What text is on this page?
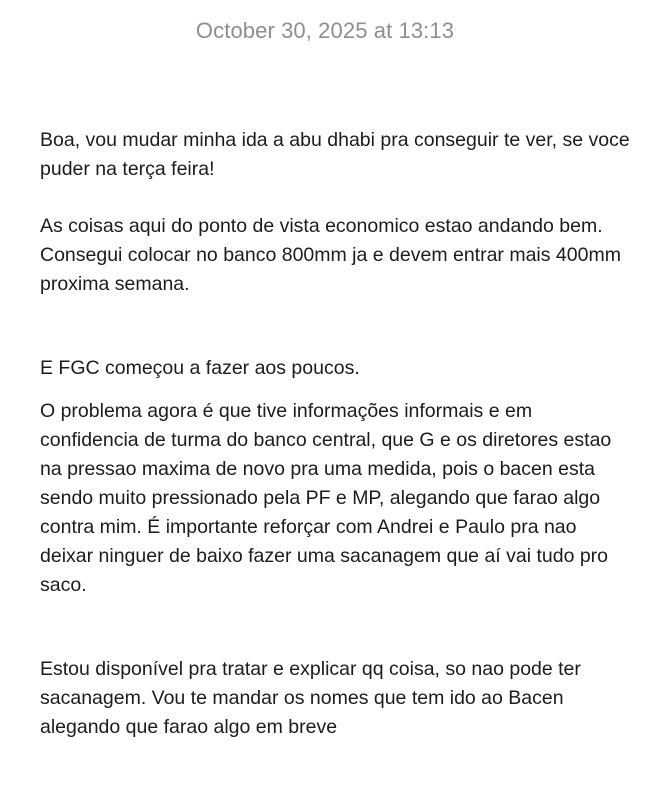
October 30, 2025 at 13:13

Boa, vou mudar minha ida a abu dhabi pra conseguir te ver, se voce puder na terça feira!

As coisas aqui do ponto de vista economico estao andando bem. Consegui colocar no banco 800mm ja e devem entrar mais 400mm proxima semana.

E FGC começou a fazer aos poucos.

O problema agora é que tive informações informais e em confidencia de turma do banco central, que G e os diretores estao na pressao maxima de novo pra uma medida, pois o bacen esta sendo muito pressionado pela PF e MP, alegando que farao algo contra mim. É importante reforçar com Andrei e Paulo pra nao deixar ninguer de baixo fazer uma sacanagem que aí vai tudo pro saco.

Estou disponível pra tratar e explicar qq coisa, so nao pode ter sacanagem. Vou te mandar os nomes que tem ido ao Bacen alegando que farao algo em breve
